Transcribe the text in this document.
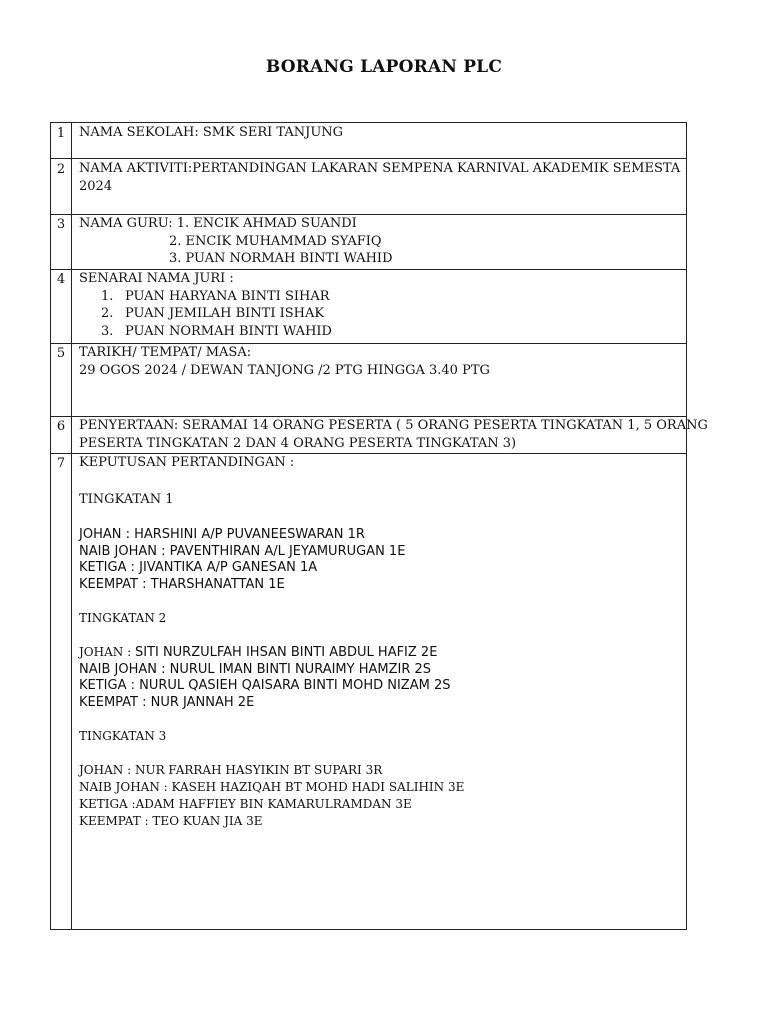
BORANG LAPORAN PLC
1	NAMA SEKOLAH: SMK SERI TANJUNG
2	NAMA AKTIVITI:PERTANDINGAN LAKARAN SEMPENA KARNIVAL AKADEMIK SEMESTA
2024
3	NAMA GURU: 1. ENCIK AHMAD SUANDI
2. ENCIK MUHAMMAD SYAFIQ
3. PUAN NORMAH BINTI WAHID
4	SENARAI NAMA JURI :
1. PUAN HARYANA BINTI SIHAR
2. PUAN JEMILAH BINTI ISHAK
3. PUAN NORMAH BINTI WAHID
5	TARIKH/ TEMPAT/ MASA:
29 OGOS 2024 / DEWAN TANJONG /2 PTG HINGGA 3.40 PTG
6	PENYERTAAN: SERAMAI 14 ORANG PESERTA ( 5 ORANG PESERTA TINGKATAN 1, 5 ORANG
PESERTA TINGKATAN 2 DAN 4 ORANG PESERTA TINGKATAN 3)
7	KEPUTUSAN PERTANDINGAN :
TINGKATAN 1
JOHAN : HARSHINI A/P PUVANEESWARAN 1R
NAIB JOHAN : PAVENTHIRAN A/L JEYAMURUGAN 1E
KETIGA : JIVANTIKA A/P GANESAN 1A
KEEMPAT : THARSHANATTAN 1E
TINGKATAN 2
JOHAN : SITI NURZULFAH IHSAN BINTI ABDUL HAFIZ 2E
NAIB JOHAN : NURUL IMAN BINTI NURAIMY HAMZIR 2S
KETIGA : NURUL QASIEH QAISARA BINTI MOHD NIZAM 2S
KEEMPAT : NUR JANNAH 2E
TINGKATAN 3
JOHAN : NUR FARRAH HASYIKIN BT SUPARI 3R
NAIB JOHAN : KASEH HAZIQAH BT MOHD HADI SALIHIN 3E
KETIGA :ADAM HAFFIEY BIN KAMARULRAMDAN 3E
KEEMPAT : TEO KUAN JIA 3E
